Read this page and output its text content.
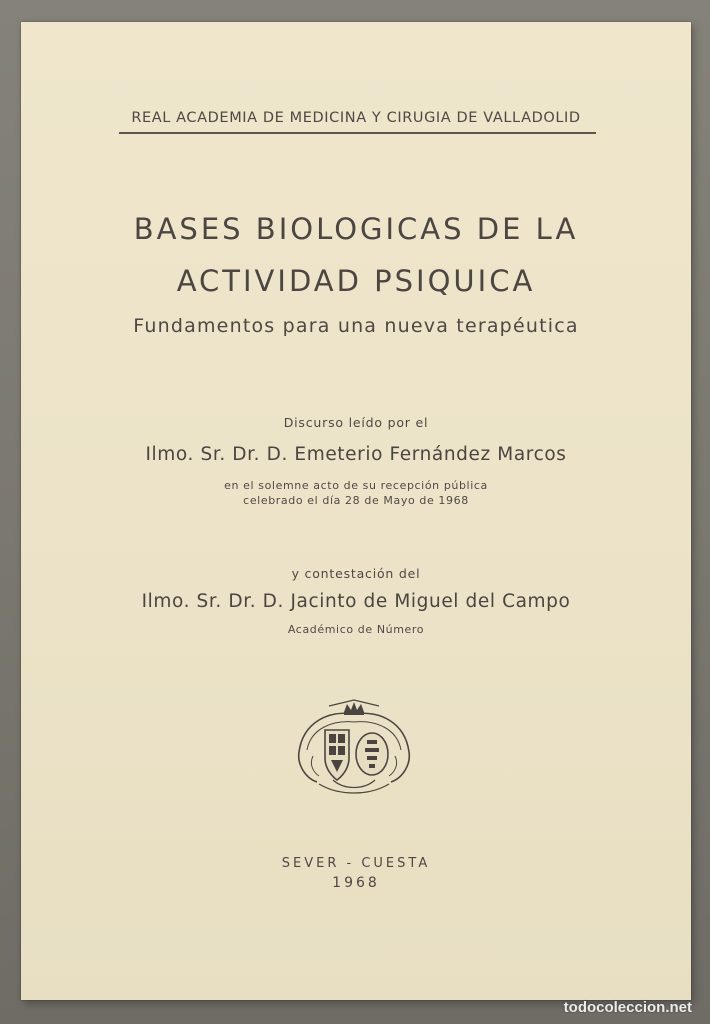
REAL ACADEMIA DE MEDICINA Y CIRUGIA DE VALLADOLID
BASES BIOLOGICAS DE LA
ACTIVIDAD PSIQUICA
Fundamentos para una nueva terapéutica
Discurso leído por el
Ilmo. Sr. Dr. D. Emeterio Fernández Marcos
en el solemne acto de su recepción pública
celebrado el día 28 de Mayo de 1968
y contestación del
Ilmo. Sr. Dr. D. Jacinto de Miguel del Campo
Académico de Número
SEVER - CUESTA
1968
todocoleccion.net
